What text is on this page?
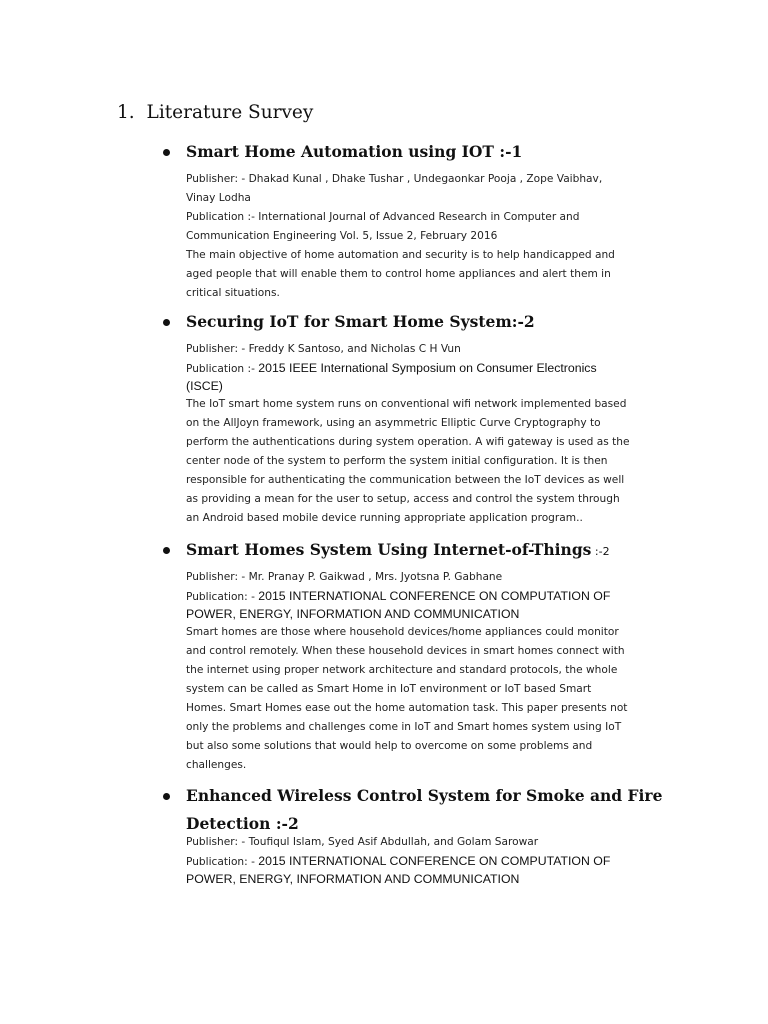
1. Literature Survey
Smart Home Automation using IOT :-1
Publisher: - Dhakad Kunal , Dhake Tushar , Undegaonkar Pooja , Zope Vaibhav,
Vinay Lodha
Publication :- International Journal of Advanced Research in Computer and
Communication Engineering Vol. 5, Issue 2, February 2016
The main objective of home automation and security is to help handicapped and
aged people that will enable them to control home appliances and alert them in
critical situations.
Securing IoT for Smart Home System:-2
Publisher: - Freddy K Santoso, and Nicholas C H Vun
Publication :- 2015 IEEE International Symposium on Consumer Electronics
(ISCE)
The IoT smart home system runs on conventional wifi network implemented based
on the AllJoyn framework, using an asymmetric Elliptic Curve Cryptography to
perform the authentications during system operation. A wifi gateway is used as the
center node of the system to perform the system initial configuration. It is then
responsible for authenticating the communication between the IoT devices as well
as providing a mean for the user to setup, access and control the system through
an Android based mobile device running appropriate application program..
Smart Homes System Using Internet-of-Things :-2
Publisher: - Mr. Pranay P. Gaikwad , Mrs. Jyotsna P. Gabhane
Publication: - 2015 INTERNATIONAL CONFERENCE ON COMPUTATION OF
POWER, ENERGY, INFORMATION AND COMMUNICATION
Smart homes are those where household devices/home appliances could monitor
and control remotely. When these household devices in smart homes connect with
the internet using proper network architecture and standard protocols, the whole
system can be called as Smart Home in IoT environment or IoT based Smart
Homes. Smart Homes ease out the home automation task. This paper presents not
only the problems and challenges come in IoT and Smart homes system using IoT
but also some solutions that would help to overcome on some problems and
challenges.
Enhanced Wireless Control System for Smoke and Fire
Detection :-2
Publisher: - Toufiqul Islam, Syed Asif Abdullah, and Golam Sarowar
Publication: - 2015 INTERNATIONAL CONFERENCE ON COMPUTATION OF
POWER, ENERGY, INFORMATION AND COMMUNICATION
